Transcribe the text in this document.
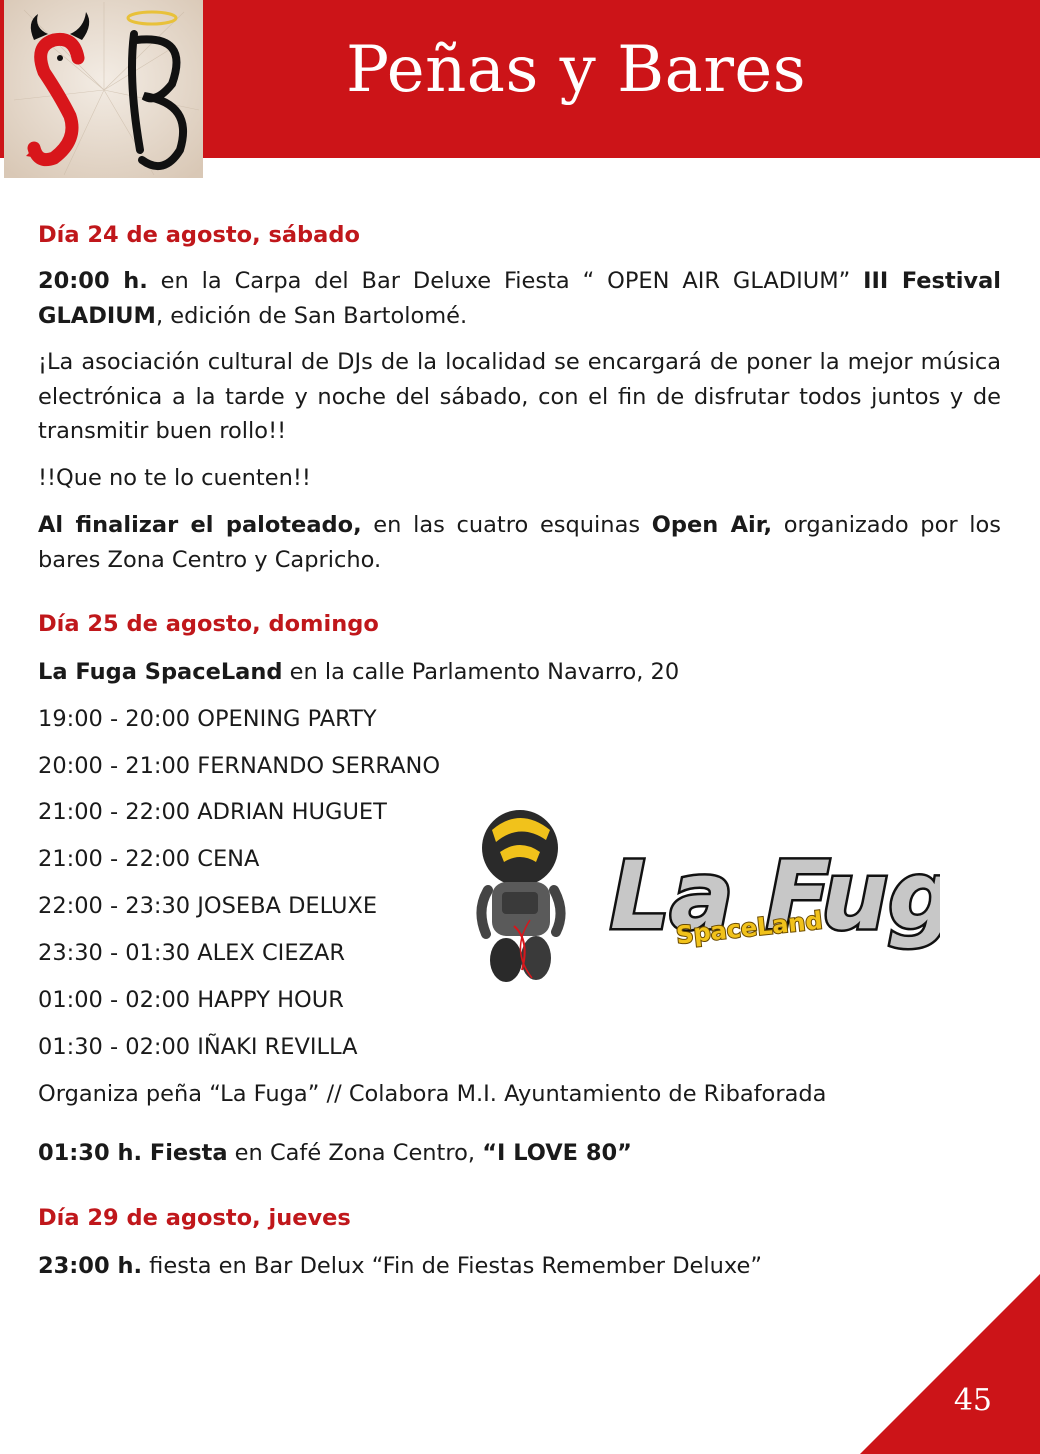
Peñas y Bares

Día 24 de agosto, sábado

20:00 h. en la Carpa del Bar Deluxe Fiesta “ OPEN AIR GLADIUM” III Festival GLADIUM, edición de San Bartolomé.

¡La asociación cultural de DJs de la localidad se encargará de poner la mejor música electrónica a la tarde y noche del sábado, con el fin de disfrutar todos juntos y de transmitir buen rollo!!

!!Que no te lo cuenten!!

Al finalizar el paloteado, en las cuatro esquinas Open Air, organizado por los bares Zona Centro y Capricho.

Día 25 de agosto, domingo

La Fuga SpaceLand en la calle Parlamento Navarro, 20

19:00 - 20:00 OPENING PARTY

20:00 - 21:00 FERNANDO SERRANO

21:00 - 22:00 ADRIAN HUGUET

21:00 - 22:00 CENA

22:00 - 23:30 JOSEBA DELUXE

23:30 - 01:30 ALEX CIEZAR

01:00 - 02:00 HAPPY HOUR

01:30 - 02:00 IÑAKI REVILLA

Organiza peña “La Fuga” // Colabora M.I. Ayuntamiento de Ribaforada

01:30 h. Fiesta en Café Zona Centro, “I LOVE 80”

Día 29 de agosto, jueves

23:00 h. fiesta en Bar Delux “Fin de Fiestas Remember Deluxe”

La Fu
SpaceLand
45
